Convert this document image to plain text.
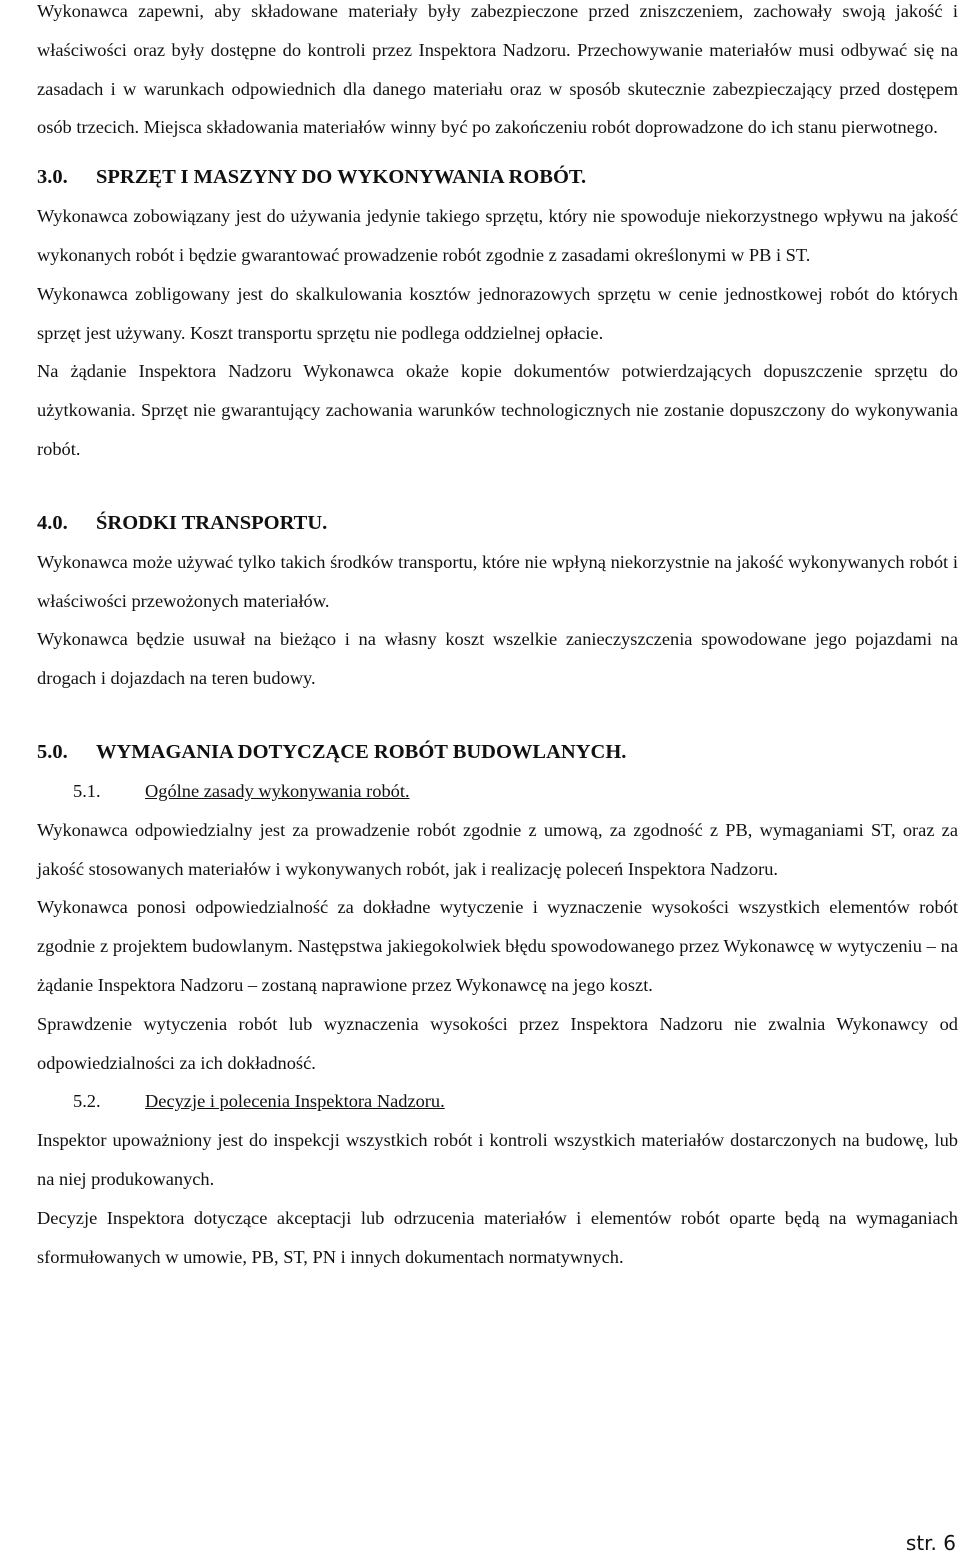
Wykonawca zapewni, aby składowane materiały były zabezpieczone przed zniszczeniem, zachowały swoją jakość i właściwości oraz były dostępne do kontroli przez Inspektora Nadzoru. Przechowywanie materiałów musi odbywać się na zasadach i w warunkach odpowiednich dla danego materiału oraz w sposób skutecznie zabezpieczający przed dostępem osób trzecich. Miejsca składowania materiałów winny być po zakończeniu robót doprowadzone do ich stanu pierwotnego.

3.0.	SPRZĘT I MASZYNY DO WYKONYWANIA ROBÓT.

Wykonawca zobowiązany jest do używania jedynie takiego sprzętu, który nie spowoduje niekorzystnego wpływu na jakość wykonanych robót i będzie gwarantować prowadzenie robót zgodnie z zasadami określonymi w PB i ST.

Wykonawca zobligowany jest do skalkulowania kosztów jednorazowych sprzętu w cenie jednostkowej robót do których sprzęt jest używany. Koszt transportu sprzętu nie podlega oddzielnej opłacie.

Na żądanie Inspektora Nadzoru Wykonawca okaże kopie dokumentów potwierdzających dopuszczenie sprzętu do użytkowania. Sprzęt nie gwarantujący zachowania warunków technologicznych nie zostanie dopuszczony do wykonywania robót.

4.0.	ŚRODKI TRANSPORTU.

Wykonawca może używać tylko takich środków transportu, które nie wpłyną niekorzystnie na jakość wykonywanych robót i właściwości przewożonych materiałów.

Wykonawca będzie usuwał na bieżąco i na własny koszt wszelkie zanieczyszczenia spowodowane jego pojazdami na drogach i dojazdach na teren budowy.

5.0.	WYMAGANIA DOTYCZĄCE ROBÓT BUDOWLANYCH.
5.1.	Ogólne zasady wykonywania robót.

Wykonawca odpowiedzialny jest za prowadzenie robót zgodnie z umową, za zgodność z PB, wymaganiami ST, oraz za jakość stosowanych materiałów i wykonywanych robót, jak i realizację poleceń Inspektora Nadzoru.

Wykonawca ponosi odpowiedzialność za dokładne wytyczenie i wyznaczenie wysokości wszystkich elementów robót zgodnie z projektem budowlanym. Następstwa jakiegokolwiek błędu spowodowanego przez Wykonawcę w wytyczeniu – na żądanie Inspektora Nadzoru – zostaną naprawione przez Wykonawcę na jego koszt.

Sprawdzenie wytyczenia robót lub wyznaczenia wysokości przez Inspektora Nadzoru nie zwalnia Wykonawcy od odpowiedzialności za ich dokładność.

5.2.	Decyzje i polecenia Inspektora Nadzoru.

Inspektor upoważniony jest do inspekcji wszystkich robót i kontroli wszystkich materiałów dostarczonych na budowę, lub na niej produkowanych.

Decyzje Inspektora dotyczące akceptacji lub odrzucenia materiałów i elementów robót oparte będą na wymaganiach sformułowanych w umowie, PB, ST, PN i innych dokumentach normatywnych.

str. 6
